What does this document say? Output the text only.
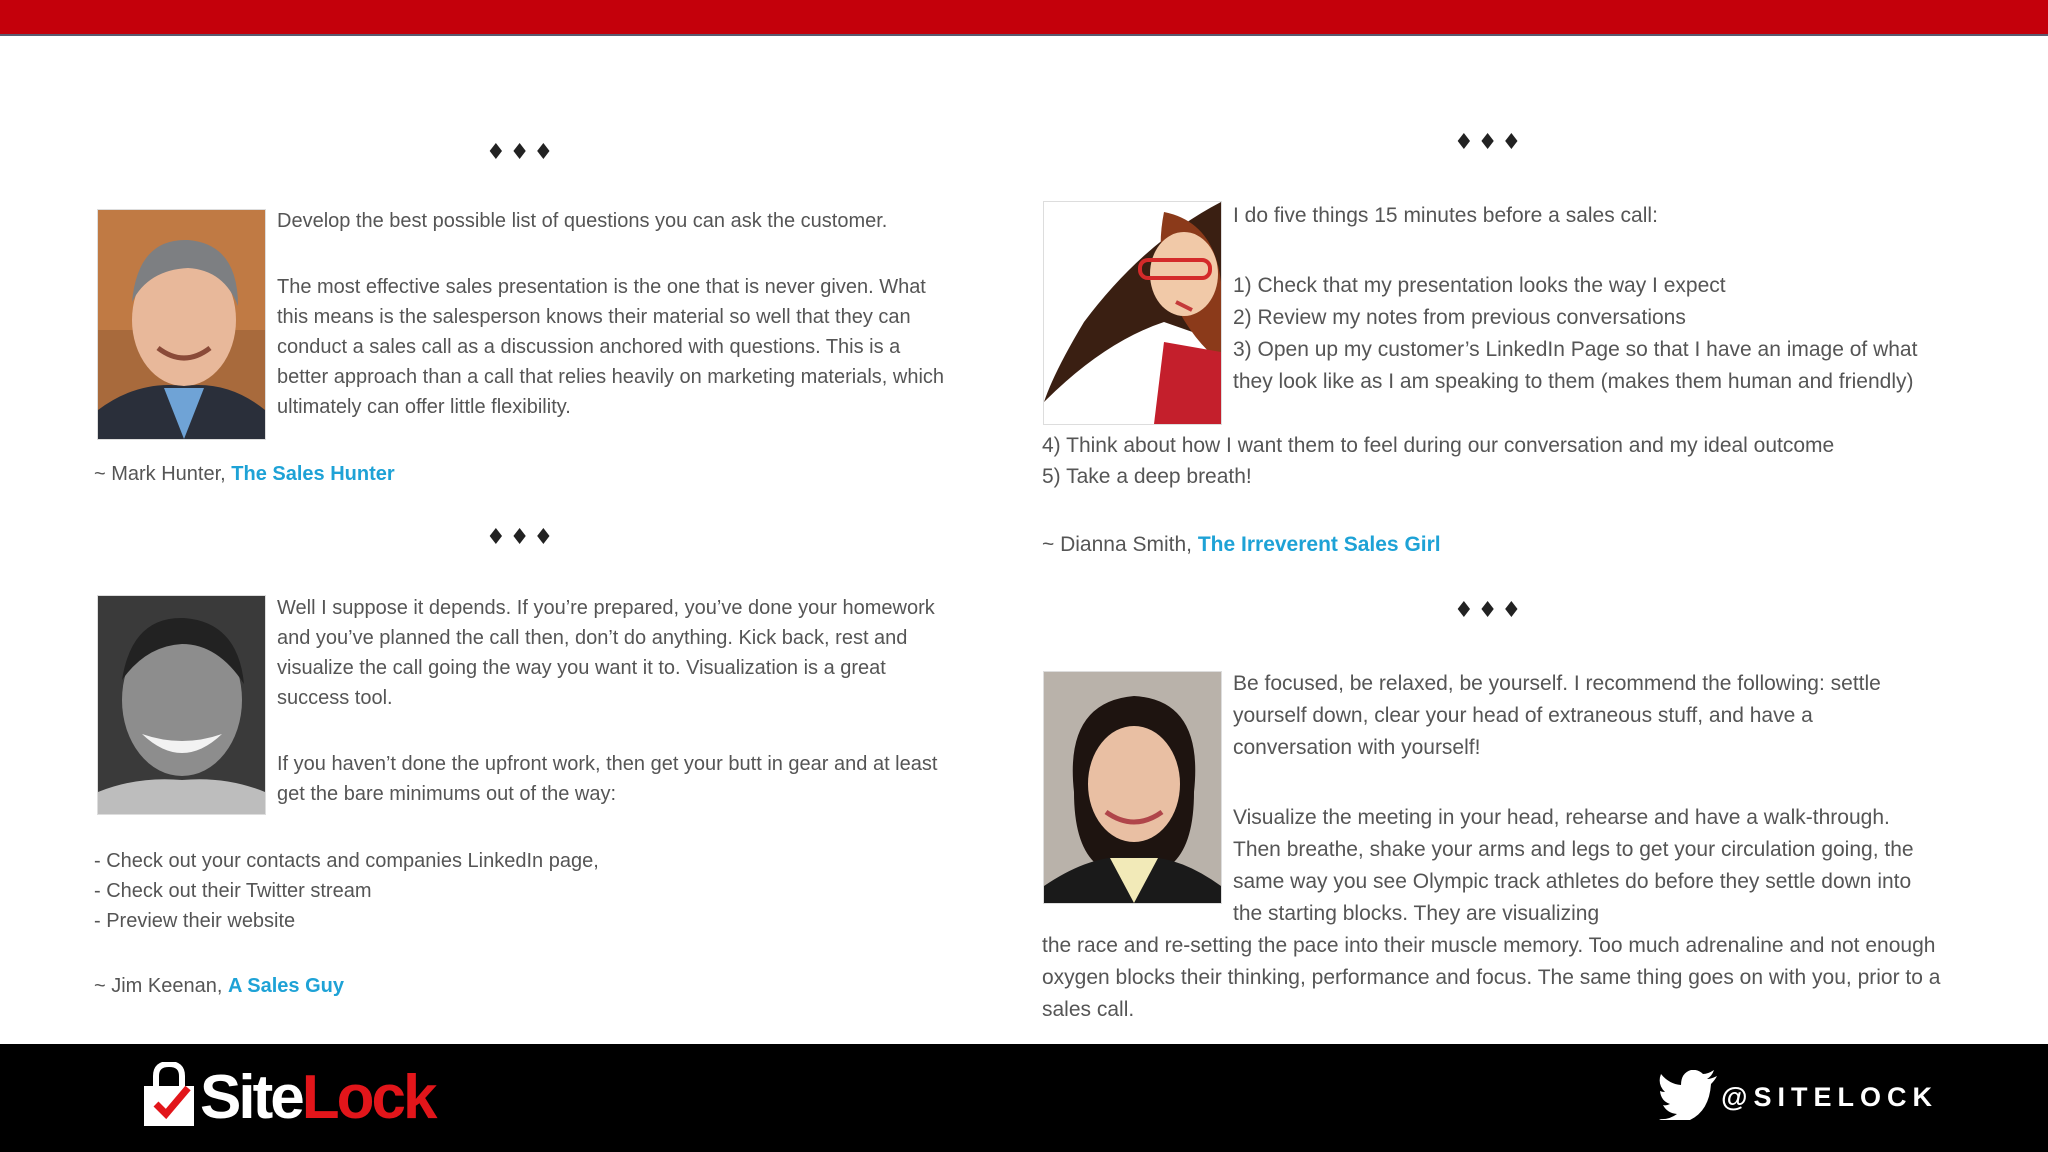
♦♦♦

Develop the best possible list of questions you can ask the customer.

The most effective sales presentation is the one that is never given. What this means is the salesperson knows their material so well that they can conduct a sales call as a discussion anchored with questions. This is a better approach than a call that relies heavily on marketing materials, which ultimately can offer little flexibility.

~ Mark Hunter, The Sales Hunter
♦♦♦

Well I suppose it depends. If you’re prepared, you’ve done your homework and you’ve planned the call then, don’t do anything. Kick back, rest and visualize the call going the way you want it to. Visualization is a great success tool.

If you haven’t done the upfront work, then get your butt in gear and at least get the bare minimums out of the way:

- Check out your contacts and companies LinkedIn page,
- Check out their Twitter stream
- Preview their website
~ Jim Keenan, A Sales Guy
♦♦♦

I do five things 15 minutes before a sales call:

1) Check that my presentation looks the way I expect

2) Review my notes from previous conversations

3) Open up my customer’s LinkedIn Page so that I have an image of what they look like as I am speaking to them (makes them human and friendly)

4) Think about how I want them to feel during our conversation and my ideal outcome

5) Take a deep breath!

~ Dianna Smith, The Irreverent Sales Girl
♦♦♦

Be focused, be relaxed, be yourself. I recommend the following: settle yourself down, clear your head of extraneous stuff, and have a conversation with yourself!

Visualize the meeting in your head, rehearse and have a walk-through. Then breathe, shake your arms and legs to get your circulation going, the same way you see Olympic track athletes do before they settle down into the starting blocks. They are visualizing

the race and re-setting the pace into their muscle memory. Too much adrenaline and not enough oxygen blocks their thinking, performance and focus. The same thing goes on with you, prior to a sales call.

Site Lock	@SITELOCK
